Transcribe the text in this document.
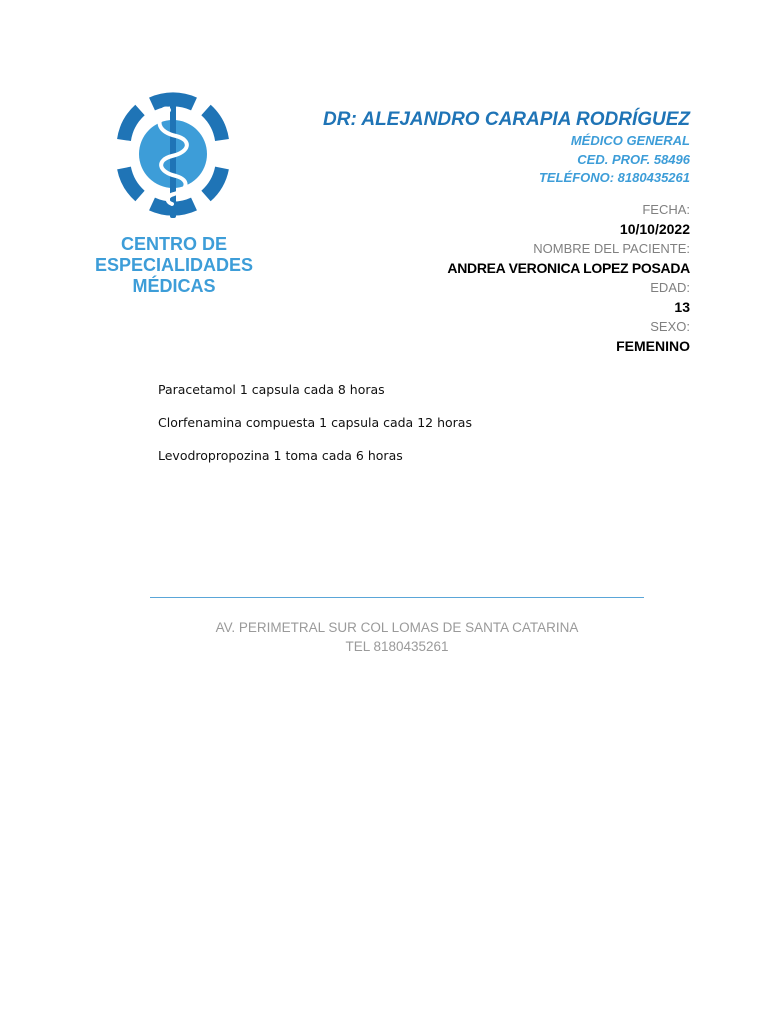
CENTRO DE
ESPECIALIDADES
MÉDICAS
DR: ALEJANDRO CARAPIA RODRÍGUEZ
MÉDICO GENERAL
CED. PROF. 58496
TELÉFONO: 8180435261
FECHA:
10/10/2022
NOMBRE DEL PACIENTE:
ANDREA VERONICA LOPEZ POSADA
EDAD:
13
SEXO:
FEMENINO
Paracetamol 1 capsula cada 8 horas
Clorfenamina compuesta 1 capsula cada 12 horas
Levodropropozina 1 toma cada 6 horas
AV. PERIMETRAL SUR COL LOMAS DE SANTA CATARINA
TEL 8180435261
